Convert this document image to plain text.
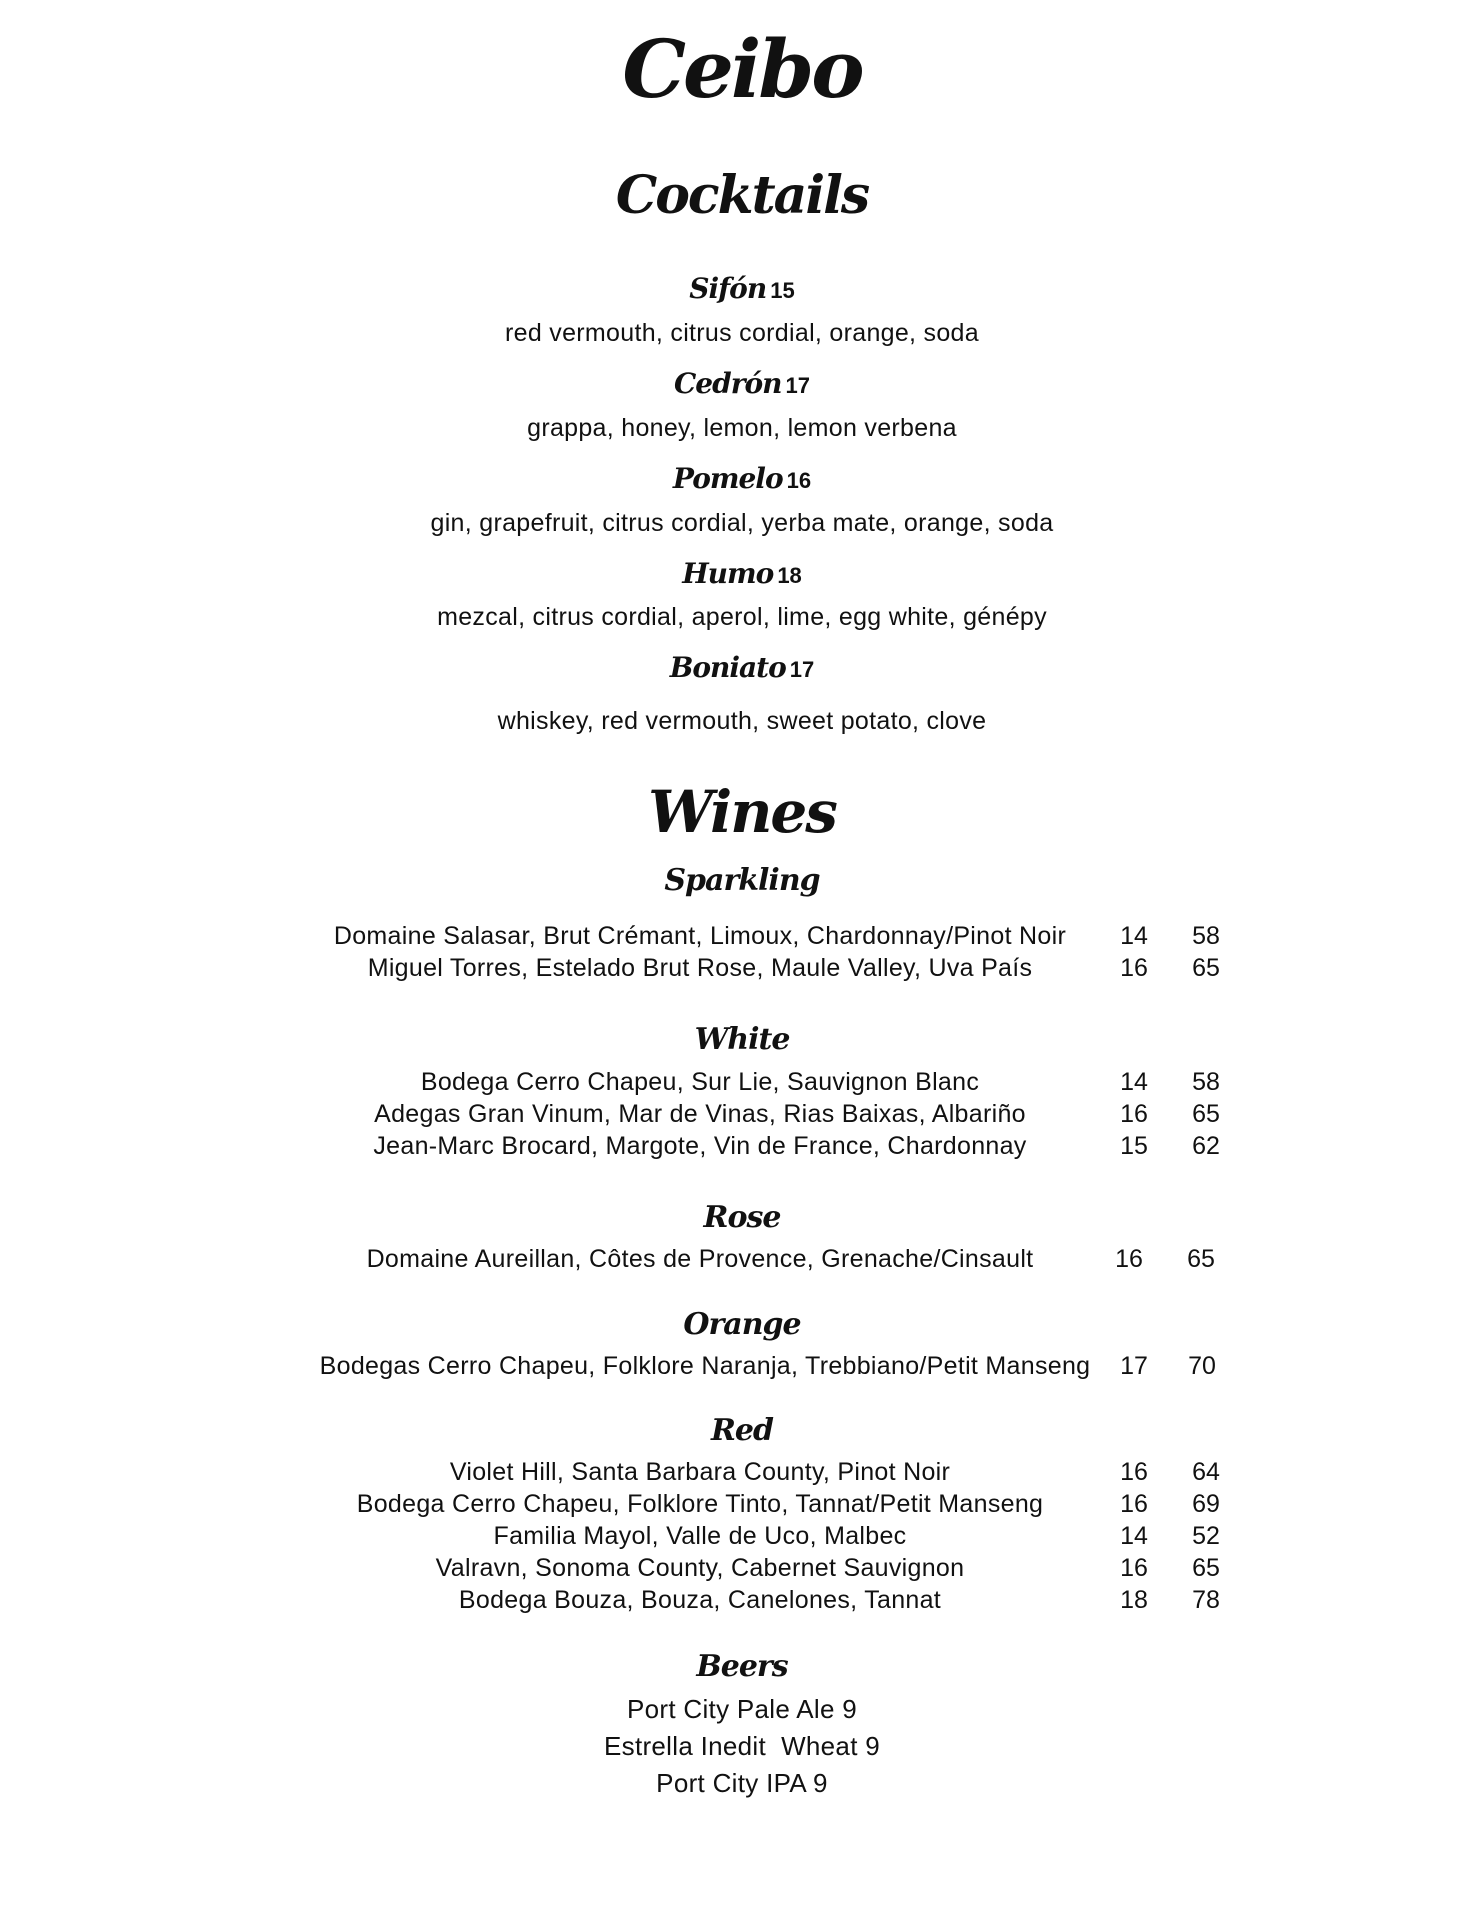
Ceibo
Cocktails
Sifón 15
red vermouth, citrus cordial, orange, soda
Cedrón 17
grappa, honey, lemon, lemon verbena
Pomelo 16
gin, grapefruit, citrus cordial, yerba mate, orange, soda
Humo 18
mezcal, citrus cordial, aperol, lime, egg white, génépy
Boniato 17
whiskey, red vermouth, sweet potato, clove
Wines
Sparkling
Domaine Salasar, Brut Crémant, Limoux, Chardonnay/Pinot Noir	14	58
Miguel Torres, Estelado Brut Rose, Maule Valley, Uva País	16	65
White
Bodega Cerro Chapeu, Sur Lie, Sauvignon Blanc	14	58
Adegas Gran Vinum, Mar de Vinas, Rias Baixas, Albariño	16	65
Jean-Marc Brocard, Margote, Vin de France, Chardonnay	15	62
Rose
Domaine Aureillan, Côtes de Provence, Grenache/Cinsault	16	65
Orange
Bodegas Cerro Chapeu, Folklore Naranja, Trebbiano/Petit Manseng	17	70
Red
Violet Hill, Santa Barbara County, Pinot Noir	16	64
Bodega Cerro Chapeu, Folklore Tinto, Tannat/Petit Manseng	16	69
Familia Mayol, Valle de Uco, Malbec	14	52
Valravn, Sonoma County, Cabernet Sauvignon	16	65
Bodega Bouza, Bouza, Canelones, Tannat	18	78
Beers
Port City Pale Ale 9
Estrella Inedit  Wheat 9
Port City IPA 9
